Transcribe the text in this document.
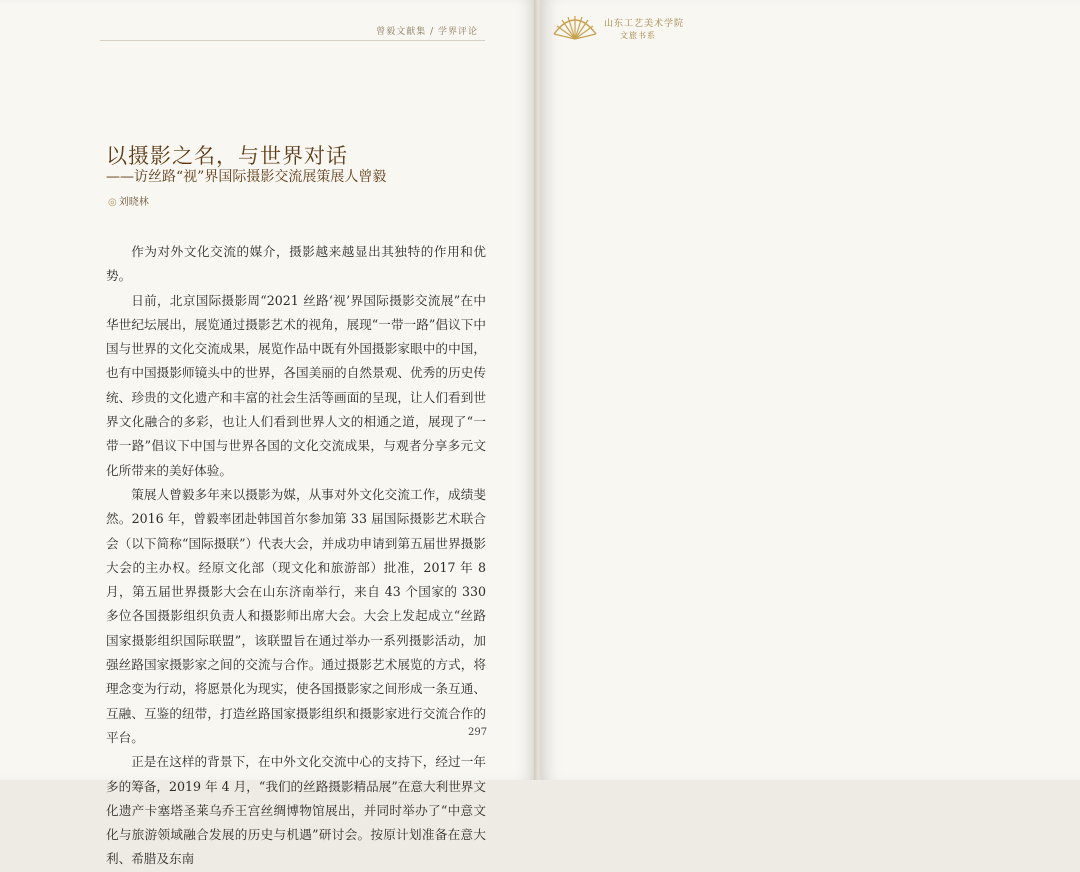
曾毅文献集 / 学界评论
以摄影之名，与世界对话
——访丝路“视”界国际摄影交流展策展人曾毅
◎ 刘晓林

作为对外文化交流的媒介，摄影越来越显出其独特的作用和优势。

日前，北京国际摄影周“2021 丝路‘视’界国际摄影交流展”在中华世纪坛展出，展览通过摄影艺术的视角，展现“一带一路”倡议下中国与世界的文化交流成果，展览作品中既有外国摄影家眼中的中国，也有中国摄影师镜头中的世界，各国美丽的自然景观、优秀的历史传统、珍贵的文化遗产和丰富的社会生活等画面的呈现，让人们看到世界文化融合的多彩，也让人们看到世界人文的相通之道，展现了“一带一路”倡议下中国与世界各国的文化交流成果，与观者分享多元文化所带来的美好体验。

策展人曾毅多年来以摄影为媒，从事对外文化交流工作，成绩斐然。2016 年，曾毅率团赴韩国首尔参加第 33 届国际摄影艺术联合会（以下简称“国际摄联”）代表大会，并成功申请到第五届世界摄影大会的主办权。经原文化部（现文化和旅游部）批准，2017 年 8 月，第五届世界摄影大会在山东济南举行，来自 43 个国家的 330 多位各国摄影组织负责人和摄影师出席大会。大会上发起成立“丝路国家摄影组织国际联盟”，该联盟旨在通过举办一系列摄影活动，加强丝路国家摄影家之间的交流与合作。通过摄影艺术展览的方式，将理念变为行动，将愿景化为现实，使各国摄影家之间形成一条互通、互融、互鉴的纽带，打造丝路国家摄影组织和摄影家进行交流合作的平台。

正是在这样的背景下，在中外文化交流中心的支持下，经过一年多的筹备，2019 年 4 月，“我们的丝路摄影精品展”在意大利世界文化遗产卡塞塔圣莱乌乔王宫丝绸博物馆展出，并同时举办了“中意文化与旅游领域融合发展的历史与机遇”研讨会。按原计划准备在意大利、希腊及东南

297
山东工艺美术学院
文旅书系
